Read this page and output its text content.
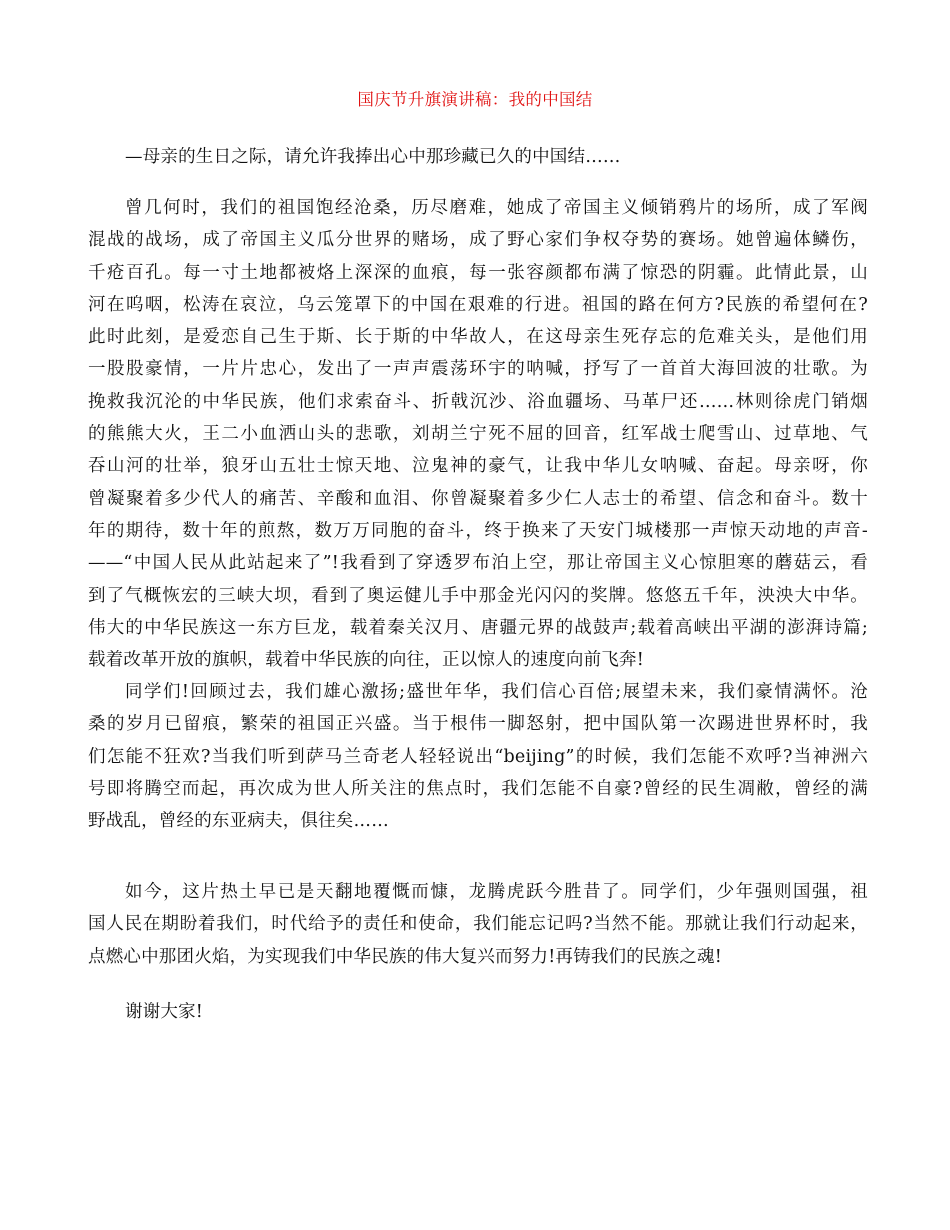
国庆节升旗演讲稿：我的中国结
—母亲的生日之际，请允许我捧出心中那珍藏已久的中国结……
曾几何时，我们的祖国饱经沧桑，历尽磨难，她成了帝国主义倾销鸦片的场所，成了军阀
混战的战场，成了帝国主义瓜分世界的赌场，成了野心家们争权夺势的赛场。她曾遍体鳞伤，
千疮百孔。每一寸土地都被烙上深深的血痕，每一张容颜都布满了惊恐的阴霾。此情此景，山
河在呜咽，松涛在哀泣，乌云笼罩下的中国在艰难的行进。祖国的路在何方?民族的希望何在?
此时此刻，是爱恋自己生于斯、长于斯的中华故人，在这母亲生死存忘的危难关头，是他们用
一股股豪情，一片片忠心，发出了一声声震荡环宇的呐喊，抒写了一首首大海回波的壮歌。为
挽救我沉沦的中华民族，他们求索奋斗、折戟沉沙、浴血疆场、马革尸还……林则徐虎门销烟
的熊熊大火，王二小血洒山头的悲歌，刘胡兰宁死不屈的回音，红军战士爬雪山、过草地、气
吞山河的壮举，狼牙山五壮士惊天地、泣鬼神的豪气，让我中华儿女呐喊、奋起。母亲呀，你
曾凝聚着多少代人的痛苦、辛酸和血泪、你曾凝聚着多少仁人志士的希望、信念和奋斗。数十
年的期待，数十年的煎熬，数万万同胞的奋斗，终于换来了天安门城楼那一声惊天动地的声音-
——“中国人民从此站起来了”!我看到了穿透罗布泊上空，那让帝国主义心惊胆寒的蘑菇云，看
到了气概恢宏的三峡大坝，看到了奥运健儿手中那金光闪闪的奖牌。悠悠五千年，泱泱大中华。
伟大的中华民族这一东方巨龙，载着秦关汉月、唐疆元界的战鼓声;载着高峡出平湖的澎湃诗篇;
载着改革开放的旗帜，载着中华民族的向往，正以惊人的速度向前飞奔!
同学们!回顾过去，我们雄心激扬;盛世年华，我们信心百倍;展望未来，我们豪情满怀。沧
桑的岁月已留痕，繁荣的祖国正兴盛。当于根伟一脚怒射，把中国队第一次踢进世界杯时，我
们怎能不狂欢?当我们听到萨马兰奇老人轻轻说出“beijing”的时候，我们怎能不欢呼?当神洲六
号即将腾空而起，再次成为世人所关注的焦点时，我们怎能不自豪?曾经的民生凋敝，曾经的满
野战乱，曾经的东亚病夫，俱往矣……
如今，这片热土早已是天翻地覆慨而慷，龙腾虎跃今胜昔了。同学们，少年强则国强，祖
国人民在期盼着我们，时代给予的责任和使命，我们能忘记吗?当然不能。那就让我们行动起来，
点燃心中那团火焰，为实现我们中华民族的伟大复兴而努力!再铸我们的民族之魂!
谢谢大家!
